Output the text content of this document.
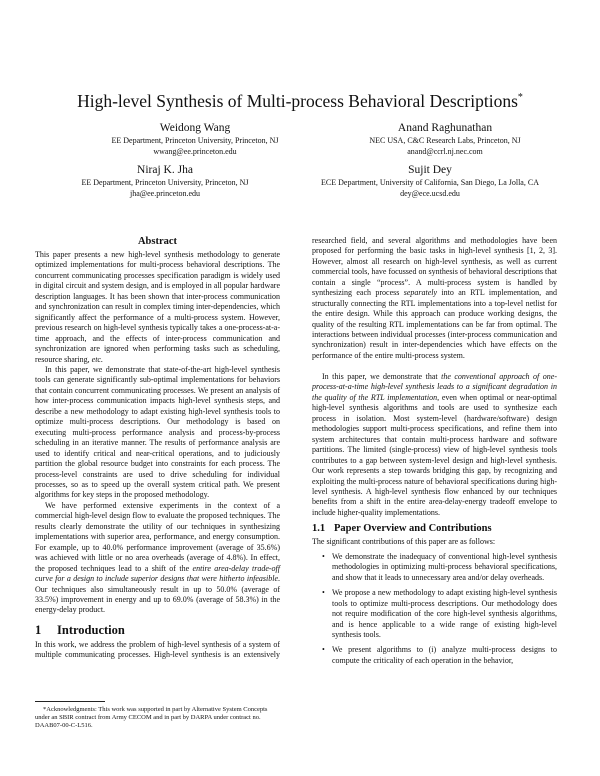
High-level Synthesis of Multi-process Behavioral Descriptions*
Weidong Wang
EE Department, Princeton University, Princeton, NJ
wwang@ee.princeton.edu
Anand Raghunathan
NEC USA, C&C Research Labs, Princeton, NJ
anand@ccrl.nj.nec.com
Niraj K. Jha
EE Department, Princeton University, Princeton, NJ
jha@ee.princeton.edu
Sujit Dey
ECE Department, University of California, San Diego, La Jolla, CA
dey@ece.ucsd.edu
Abstract

This paper presents a new high-level synthesis methodology to generate optimized implementations for multi-process behavioral descriptions. The concurrent communicating processes specification paradigm is widely used in digital circuit and system design, and is employed in all popular hardware description languages. It has been shown that inter-process communication and synchronization can result in complex timing inter-dependencies, which significantly affect the performance of a multi-process system. However, previous research on high-level synthesis typically takes a one-process-at-a-time approach, and the effects of inter-process communication and synchronization are ignored when performing tasks such as scheduling, resource sharing, etc.

In this paper, we demonstrate that state-of-the-art high-level synthesis tools can generate significantly sub-optimal implementations for behaviors that contain concurrent communicating processes. We present an analysis of how inter-process communication impacts high-level synthesis steps, and describe a new methodology to adapt existing high-level synthesis tools to optimize multi-process descriptions. Our methodology is based on executing multi-process performance analysis and process-by-process scheduling in an iterative manner. The results of performance analysis are used to identify critical and near-critical operations, and to judiciously partition the global resource budget into constraints for each process. The process-level constraints are used to drive scheduling for individual processes, so as to speed up the overall system critical path. We present algorithms for key steps in the proposed methodology.

We have performed extensive experiments in the context of a commercial high-level design flow to evaluate the proposed techniques. The results clearly demonstrate the utility of our techniques in synthesizing implementations with superior area, performance, and energy consumption. For example, up to 40.0% performance improvement (average of 35.6%) was achieved with little or no area overheads (average of 4.8%). In effect, the proposed techniques lead to a shift of the entire area-delay trade-off curve for a design to include superior designs that were hitherto infeasible. Our techniques also simultaneously result in up to 50.0% (average of 33.5%) improvement in energy and up to 69.0% (average of 58.3%) in the energy-delay product.

1 Introduction

In this work, we address the problem of high-level synthesis of a system of multiple communicating processes. High-level synthesis is an extensively

*Acknowledgments: This work was supported in part by Alternative System Concepts under an SBIR contract from Army CECOM and in part by DARPA under contract no. DAAB07-00-C-L516.

researched field, and several algorithms and methodologies have been proposed for performing the basic tasks in high-level synthesis [1, 2, 3]. However, almost all research on high-level synthesis, as well as current commercial tools, have focussed on synthesis of behavioral descriptions that contain a single “process”. A multi-process system is handled by synthesizing each process separately into an RTL implementation, and structurally connecting the RTL implementations into a top-level netlist for the entire design. While this approach can produce working designs, the quality of the resulting RTL implementations can be far from optimal. The interactions between individual processes (inter-process communication and synchronization) result in inter-dependencies which have effects on the performance of the entire multi-process system.

In this paper, we demonstrate that the conventional approach of one-process-at-a-time high-level synthesis leads to a significant degradation in the quality of the RTL implementation, even when optimal or near-optimal high-level synthesis algorithms and tools are used to synthesize each process in isolation. Most system-level (hardware/software) design methodologies support multi-process specifications, and refine them into system architectures that contain multi-process hardware and software partitions. The limited (single-process) view of high-level synthesis tools contributes to a gap between system-level design and high-level synthesis. Our work represents a step towards bridging this gap, by recognizing and exploiting the multi-process nature of behavioral specifications during high-level synthesis. A high-level synthesis flow enhanced by our techniques benefits from a shift in the entire area-delay-energy tradeoff envelope to include higher-quality implementations.

1.1 Paper Overview and Contributions

The significant contributions of this paper are as follows:

• We demonstrate the inadequacy of conventional high-level synthesis methodologies in optimizing multi-process behavioral specifications, and show that it leads to unnecessary area and/or delay overheads.
• We propose a new methodology to adapt existing high-level synthesis tools to optimize multi-process descriptions. Our methodology does not require modification of the core high-level synthesis algorithms, and is hence applicable to a wide range of existing high-level synthesis tools.
• We present algorithms to (i) analyze multi-process designs to compute the criticality of each operation in the behavior,
